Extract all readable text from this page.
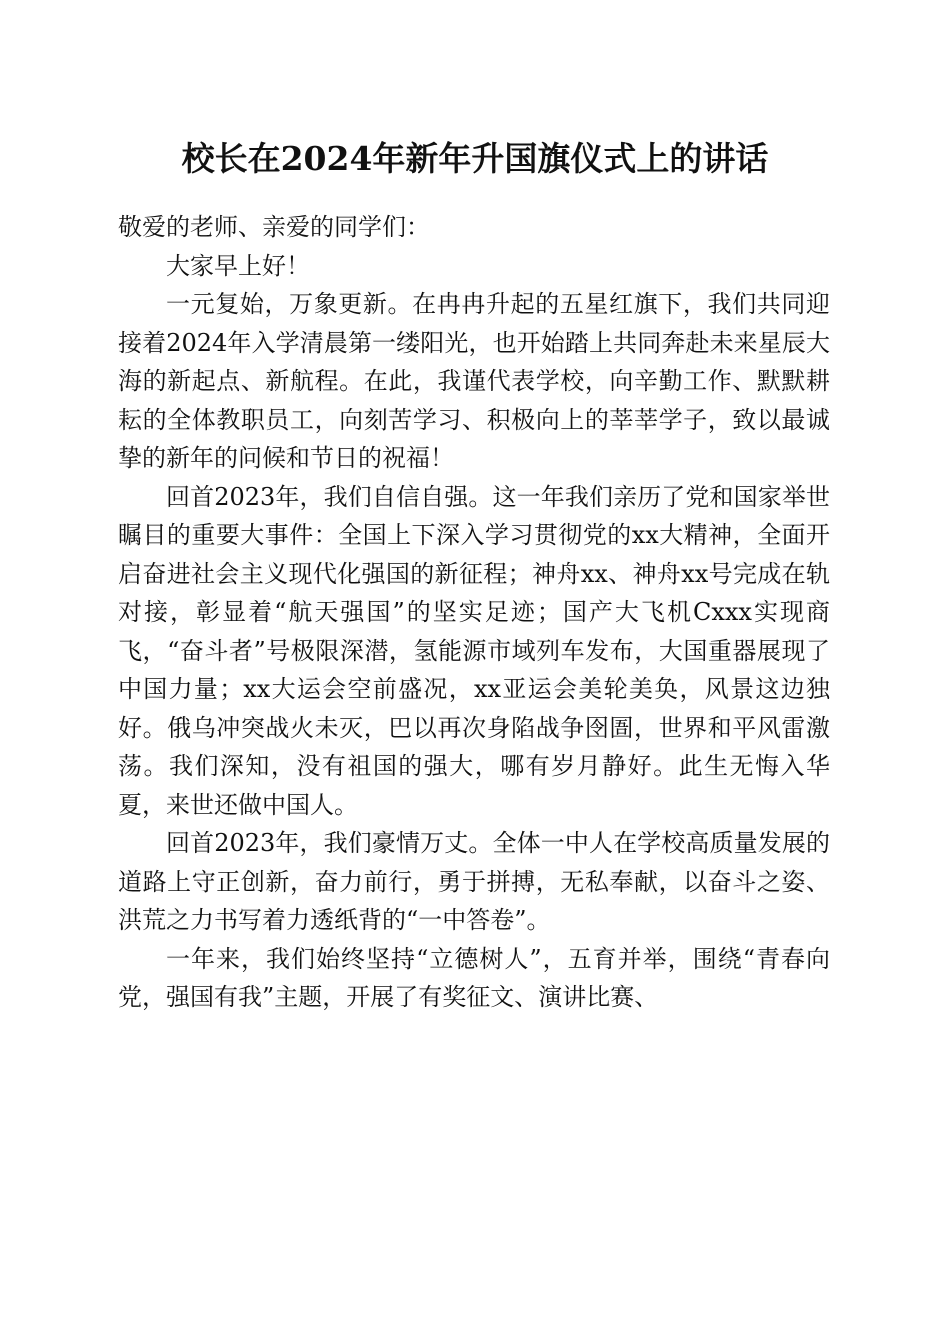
校长在2024年新年升国旗仪式上的讲话

敬爱的老师、亲爱的同学们：

大家早上好！

一元复始，万象更新。在冉冉升起的五星红旗下，我们共同迎接着2024年入学清晨第一缕阳光，也开始踏上共同奔赴未来星辰大海的新起点、新航程。在此，我谨代表学校，向辛勤工作、默默耕耘的全体教职员工，向刻苦学习、积极向上的莘莘学子，致以最诚挚的新年的问候和节日的祝福！

回首2023年，我们自信自强。这一年我们亲历了党和国家举世瞩目的重要大事件：全国上下深入学习贯彻党的xx大精神，全面开启奋进社会主义现代化强国的新征程；神舟xx、神舟xx号完成在轨对接，彰显着“航天强国”的坚实足迹；国产大飞机Cxxx实现商飞，“奋斗者”号极限深潜，氢能源市域列车发布，大国重器展现了中国力量；xx大运会空前盛况，xx亚运会美轮美奂，风景这边独好。俄乌冲突战火未灭，巴以再次身陷战争囹圄，世界和平风雷激荡。我们深知，没有祖国的强大，哪有岁月静好。此生无悔入华夏，来世还做中国人。

回首2023年，我们豪情万丈。全体一中人在学校高质量发展的道路上守正创新，奋力前行，勇于拼搏，无私奉献，以奋斗之姿、洪荒之力书写着力透纸背的“一中答卷”。

一年来，我们始终坚持“立德树人”，五育并举，围绕“青春向党，强国有我”主题，开展了有奖征文、演讲比赛、
